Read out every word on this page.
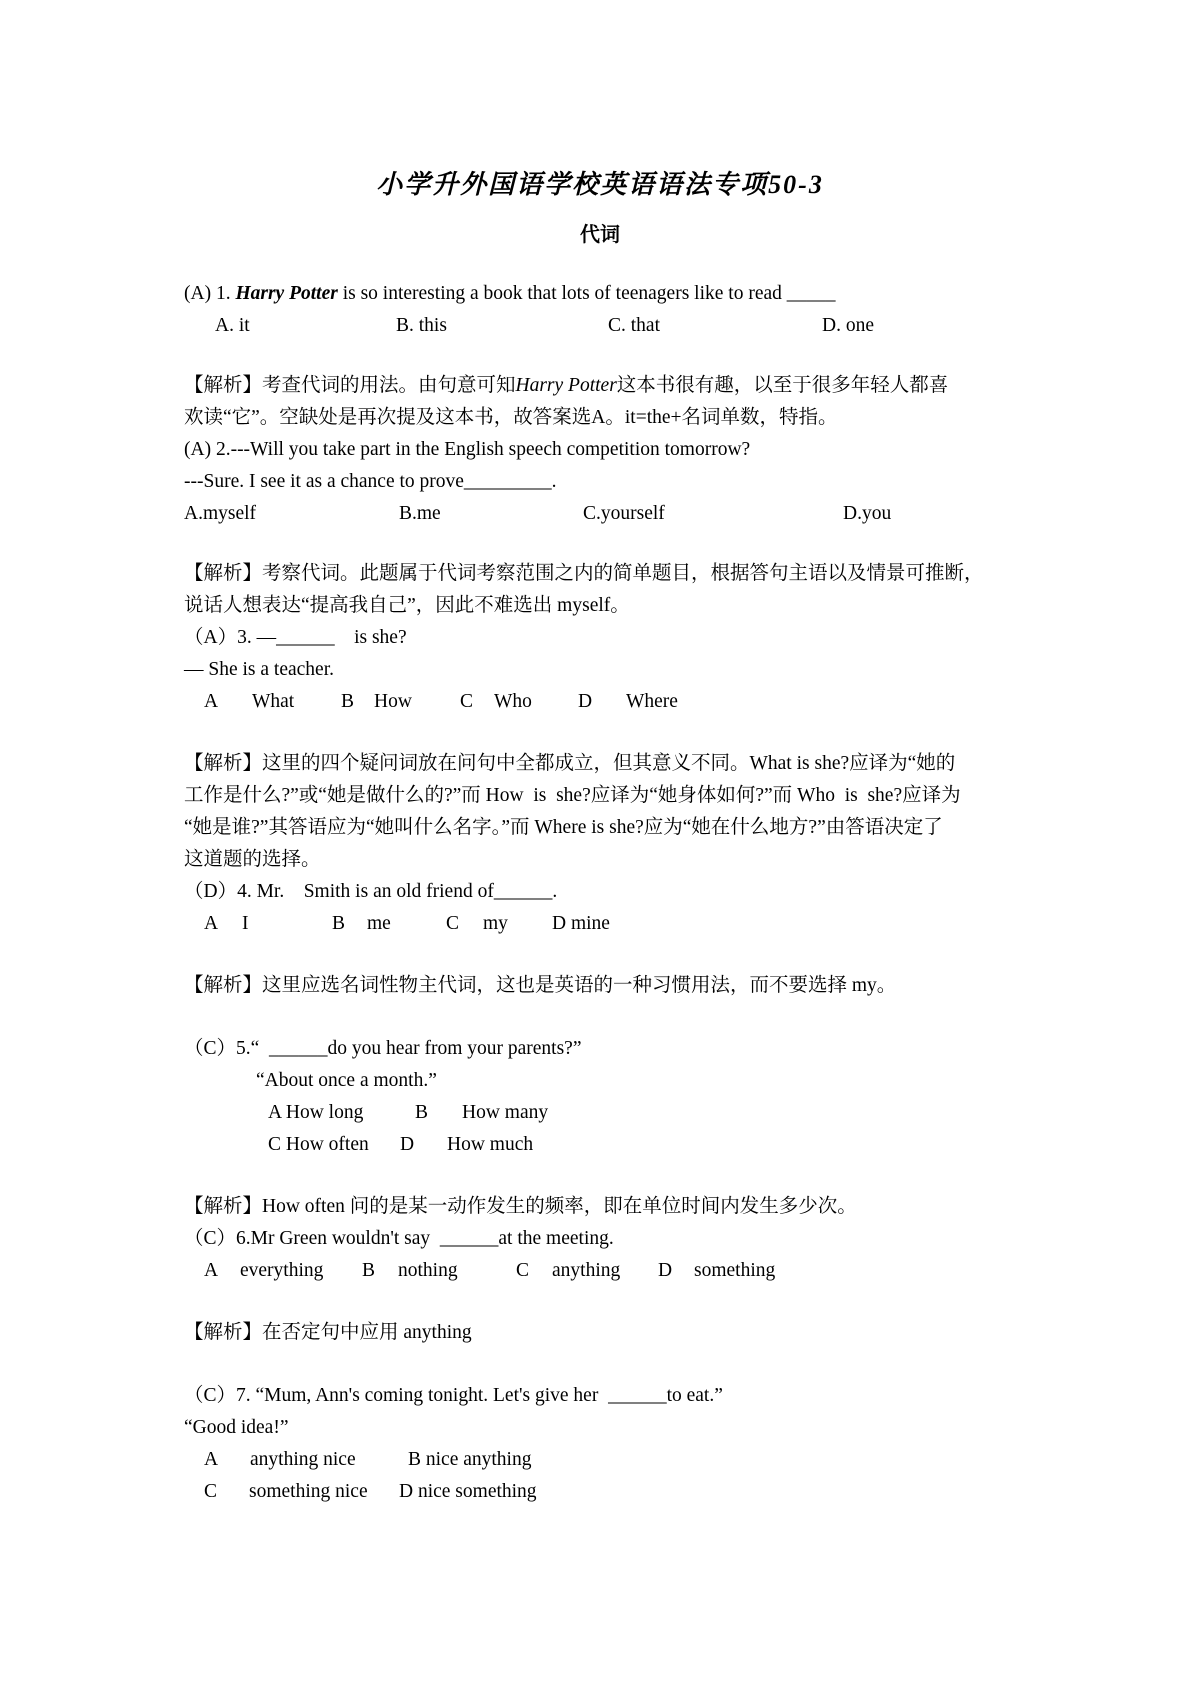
小学升外国语学校英语语法专项50-3
代词
(A) 1. Harry Potter is so interesting a book that lots of teenagers like to read _____
A. it	B. this	C. that	D. one
【解析】考查代词的用法。由句意可知Harry Potter这本书很有趣，以至于很多年轻人都喜
欢读“它”。空缺处是再次提及这本书，故答案选A。it=the+名词单数，特指。
(A) 2.---Will you take part in the English speech competition tomorrow?
---Sure. I see it as a chance to prove_________.
A.myself	B.me	C.yourself	D.you
【解析】考察代词。此题属于代词考察范围之内的简单题目，根据答句主语以及情景可推断，
说话人想表达“提高我自己”，因此不难选出 myself。
（A）3. —______    is she?
— She is a teacher.
A What B How C Who D Where
【解析】这里的四个疑问词放在问句中全都成立，但其意义不同。What is she?应译为“她的
工作是什么?”或“她是做什么的?”而 How  is  she?应译为“她身体如何?”而 Who  is  she?应译为
“她是谁?”其答语应为“她叫什么名字。”而 Where is she?应为“她在什么地方?”由答语决定了
这道题的选择。
（D）4. Mr.    Smith is an old friend of______.
A I	B me	C my D mine
【解析】这里应选名词性物主代词，这也是英语的一种习惯用法，而不要选择 my。
（C）5.“  ______do you hear from your parents?”
“About once a month.”
A How long	B How many
C How often D How much
【解析】How often 问的是某一动作发生的频率，即在单位时间内发生多少次。
（C）6.Mr Green wouldn't say  ______at the meeting.
A everything B nothing	C anything D something
【解析】在否定句中应用 anything
（C）7. “Mum, Ann's coming tonight. Let's give her  ______to eat.”
“Good idea!”
A anything nice	B nice anything
C something nice D nice something
